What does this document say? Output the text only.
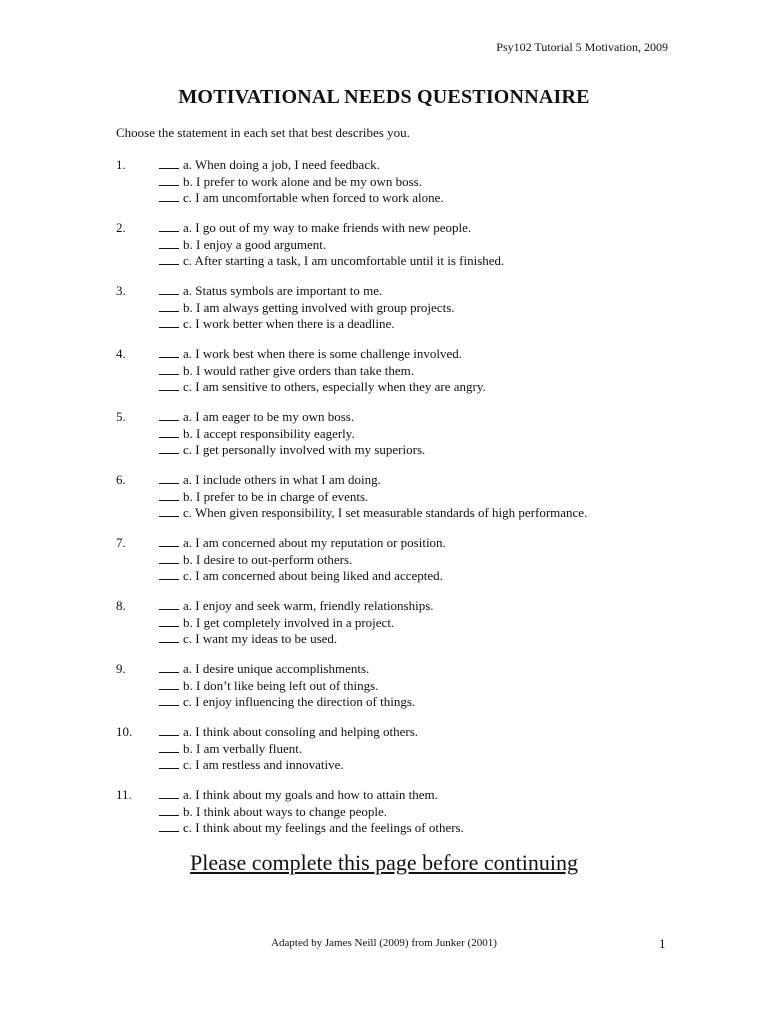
Psy102 Tutorial 5 Motivation, 2009
MOTIVATIONAL NEEDS QUESTIONNAIRE
Choose the statement in each set that best describes you.
1.	a. When doing a job, I need feedback.
b. I prefer to work alone and be my own boss.
c. I am uncomfortable when forced to work alone.
2.	a. I go out of my way to make friends with new people.
b. I enjoy a good argument.
c. After starting a task, I am uncomfortable until it is finished.
3.	a. Status symbols are important to me.
b. I am always getting involved with group projects.
c. I work better when there is a deadline.
4.	a. I work best when there is some challenge involved.
b. I would rather give orders than take them.
c. I am sensitive to others, especially when they are angry.
5.	a. I am eager to be my own boss.
b. I accept responsibility eagerly.
c. I get personally involved with my superiors.
6.	a. I include others in what I am doing.
b. I prefer to be in charge of events.
c. When given responsibility, I set measurable standards of high performance.
7.	a. I am concerned about my reputation or position.
b. I desire to out-perform others.
c. I am concerned about being liked and accepted.
8.	a. I enjoy and seek warm, friendly relationships.
b. I get completely involved in a project.
c. I want my ideas to be used.
9.	a. I desire unique accomplishments.
b. I don’t like being left out of things.
c. I enjoy influencing the direction of things.
10.	a. I think about consoling and helping others.
b. I am verbally fluent.
c. I am restless and innovative.
11.	a. I think about my goals and how to attain them.
b. I think about ways to change people.
c. I think about my feelings and the feelings of others.
Please complete this page before continuing
Adapted by James Neill (2009) from Junker (2001)	1
